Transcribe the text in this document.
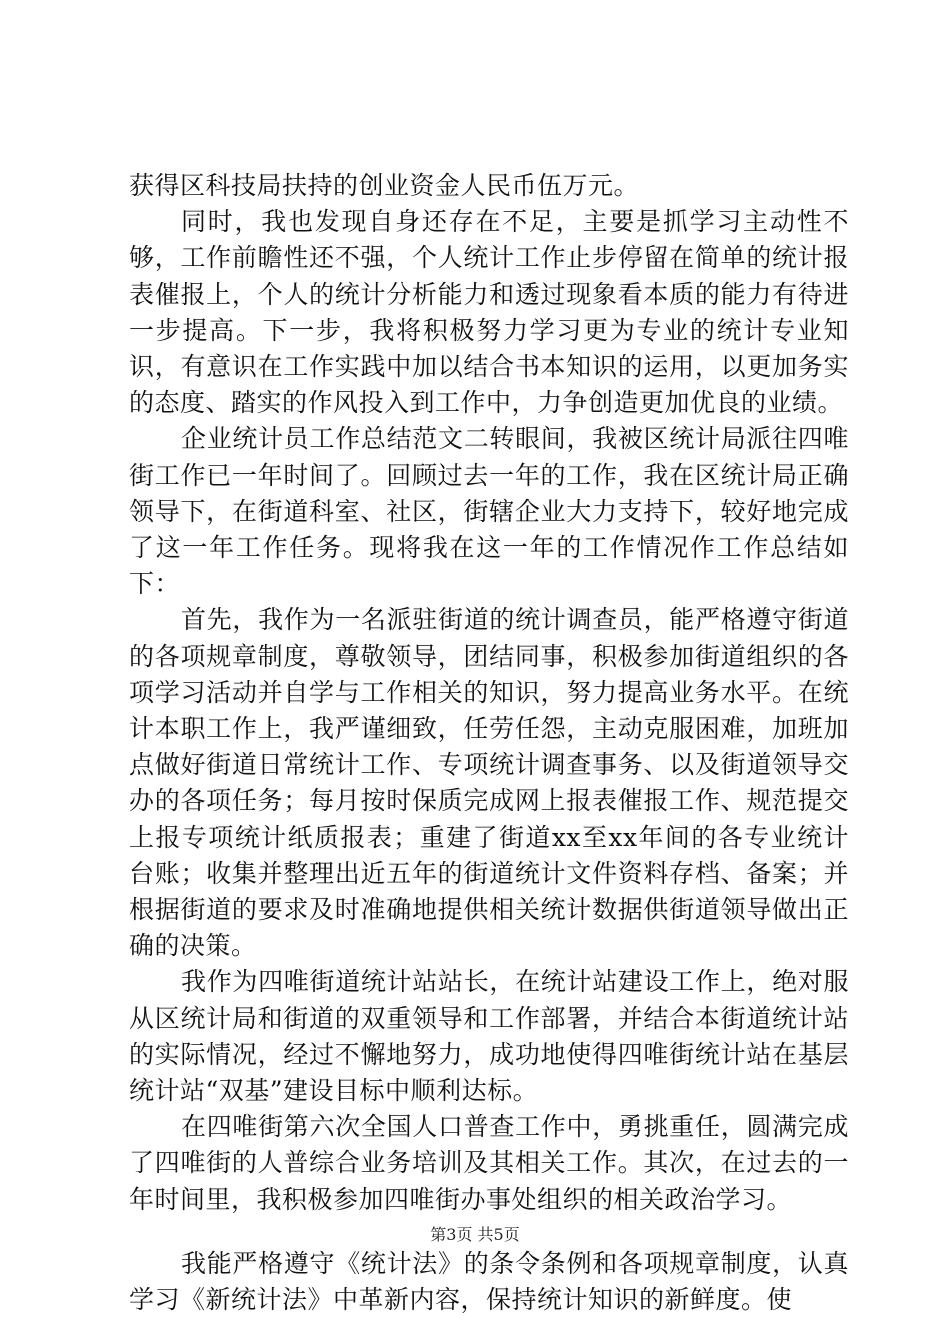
获得区科技局扶持的创业资金人民币伍万元。

同时，我也发现自身还存在不足，主要是抓学习主动性不够，工作前瞻性还不强，个人统计工作止步停留在简单的统计报表催报上，个人的统计分析能力和透过现象看本质的能力有待进一步提高。下一步，我将积极努力学习更为专业的统计专业知识，有意识在工作实践中加以结合书本知识的运用，以更加务实的态度、踏实的作风投入到工作中，力争创造更加优良的业绩。

企业统计员工作总结范文二转眼间，我被区统计局派往四唯街工作已一年时间了。回顾过去一年的工作，我在区统计局正确领导下，在街道科室、社区，街辖企业大力支持下，较好地完成了这一年工作任务。现将我在这一年的工作情况作工作总结如下：

首先，我作为一名派驻街道的统计调查员，能严格遵守街道的各项规章制度，尊敬领导，团结同事，积极参加街道组织的各项学习活动并自学与工作相关的知识，努力提高业务水平。在统计本职工作上，我严谨细致，任劳任怨，主动克服困难，加班加点做好街道日常统计工作、专项统计调查事务、以及街道领导交办的各项任务；每月按时保质完成网上报表催报工作、规范提交上报专项统计纸质报表；重建了街道xx至xx年间的各专业统计台账；收集并整理出近五年的街道统计文件资料存档、备案；并根据街道的要求及时准确地提供相关统计数据供街道领导做出正确的决策。

我作为四唯街道统计站站长，在统计站建设工作上，绝对服从区统计局和街道的双重领导和工作部署，并结合本街道统计站的实际情况，经过不懈地努力，成功地使得四唯街统计站在基层统计站“双基”建设目标中顺利达标。

在四唯街第六次全国人口普查工作中，勇挑重任，圆满完成了四唯街的人普综合业务培训及其相关工作。其次，在过去的一年时间里，我积极参加四唯街办事处组织的相关政治学习。

我能严格遵守《统计法》的条令条例和各项规章制度，认真学习《新统计法》中革新内容，保持统计知识的新鲜度。使

第3页 共5页
